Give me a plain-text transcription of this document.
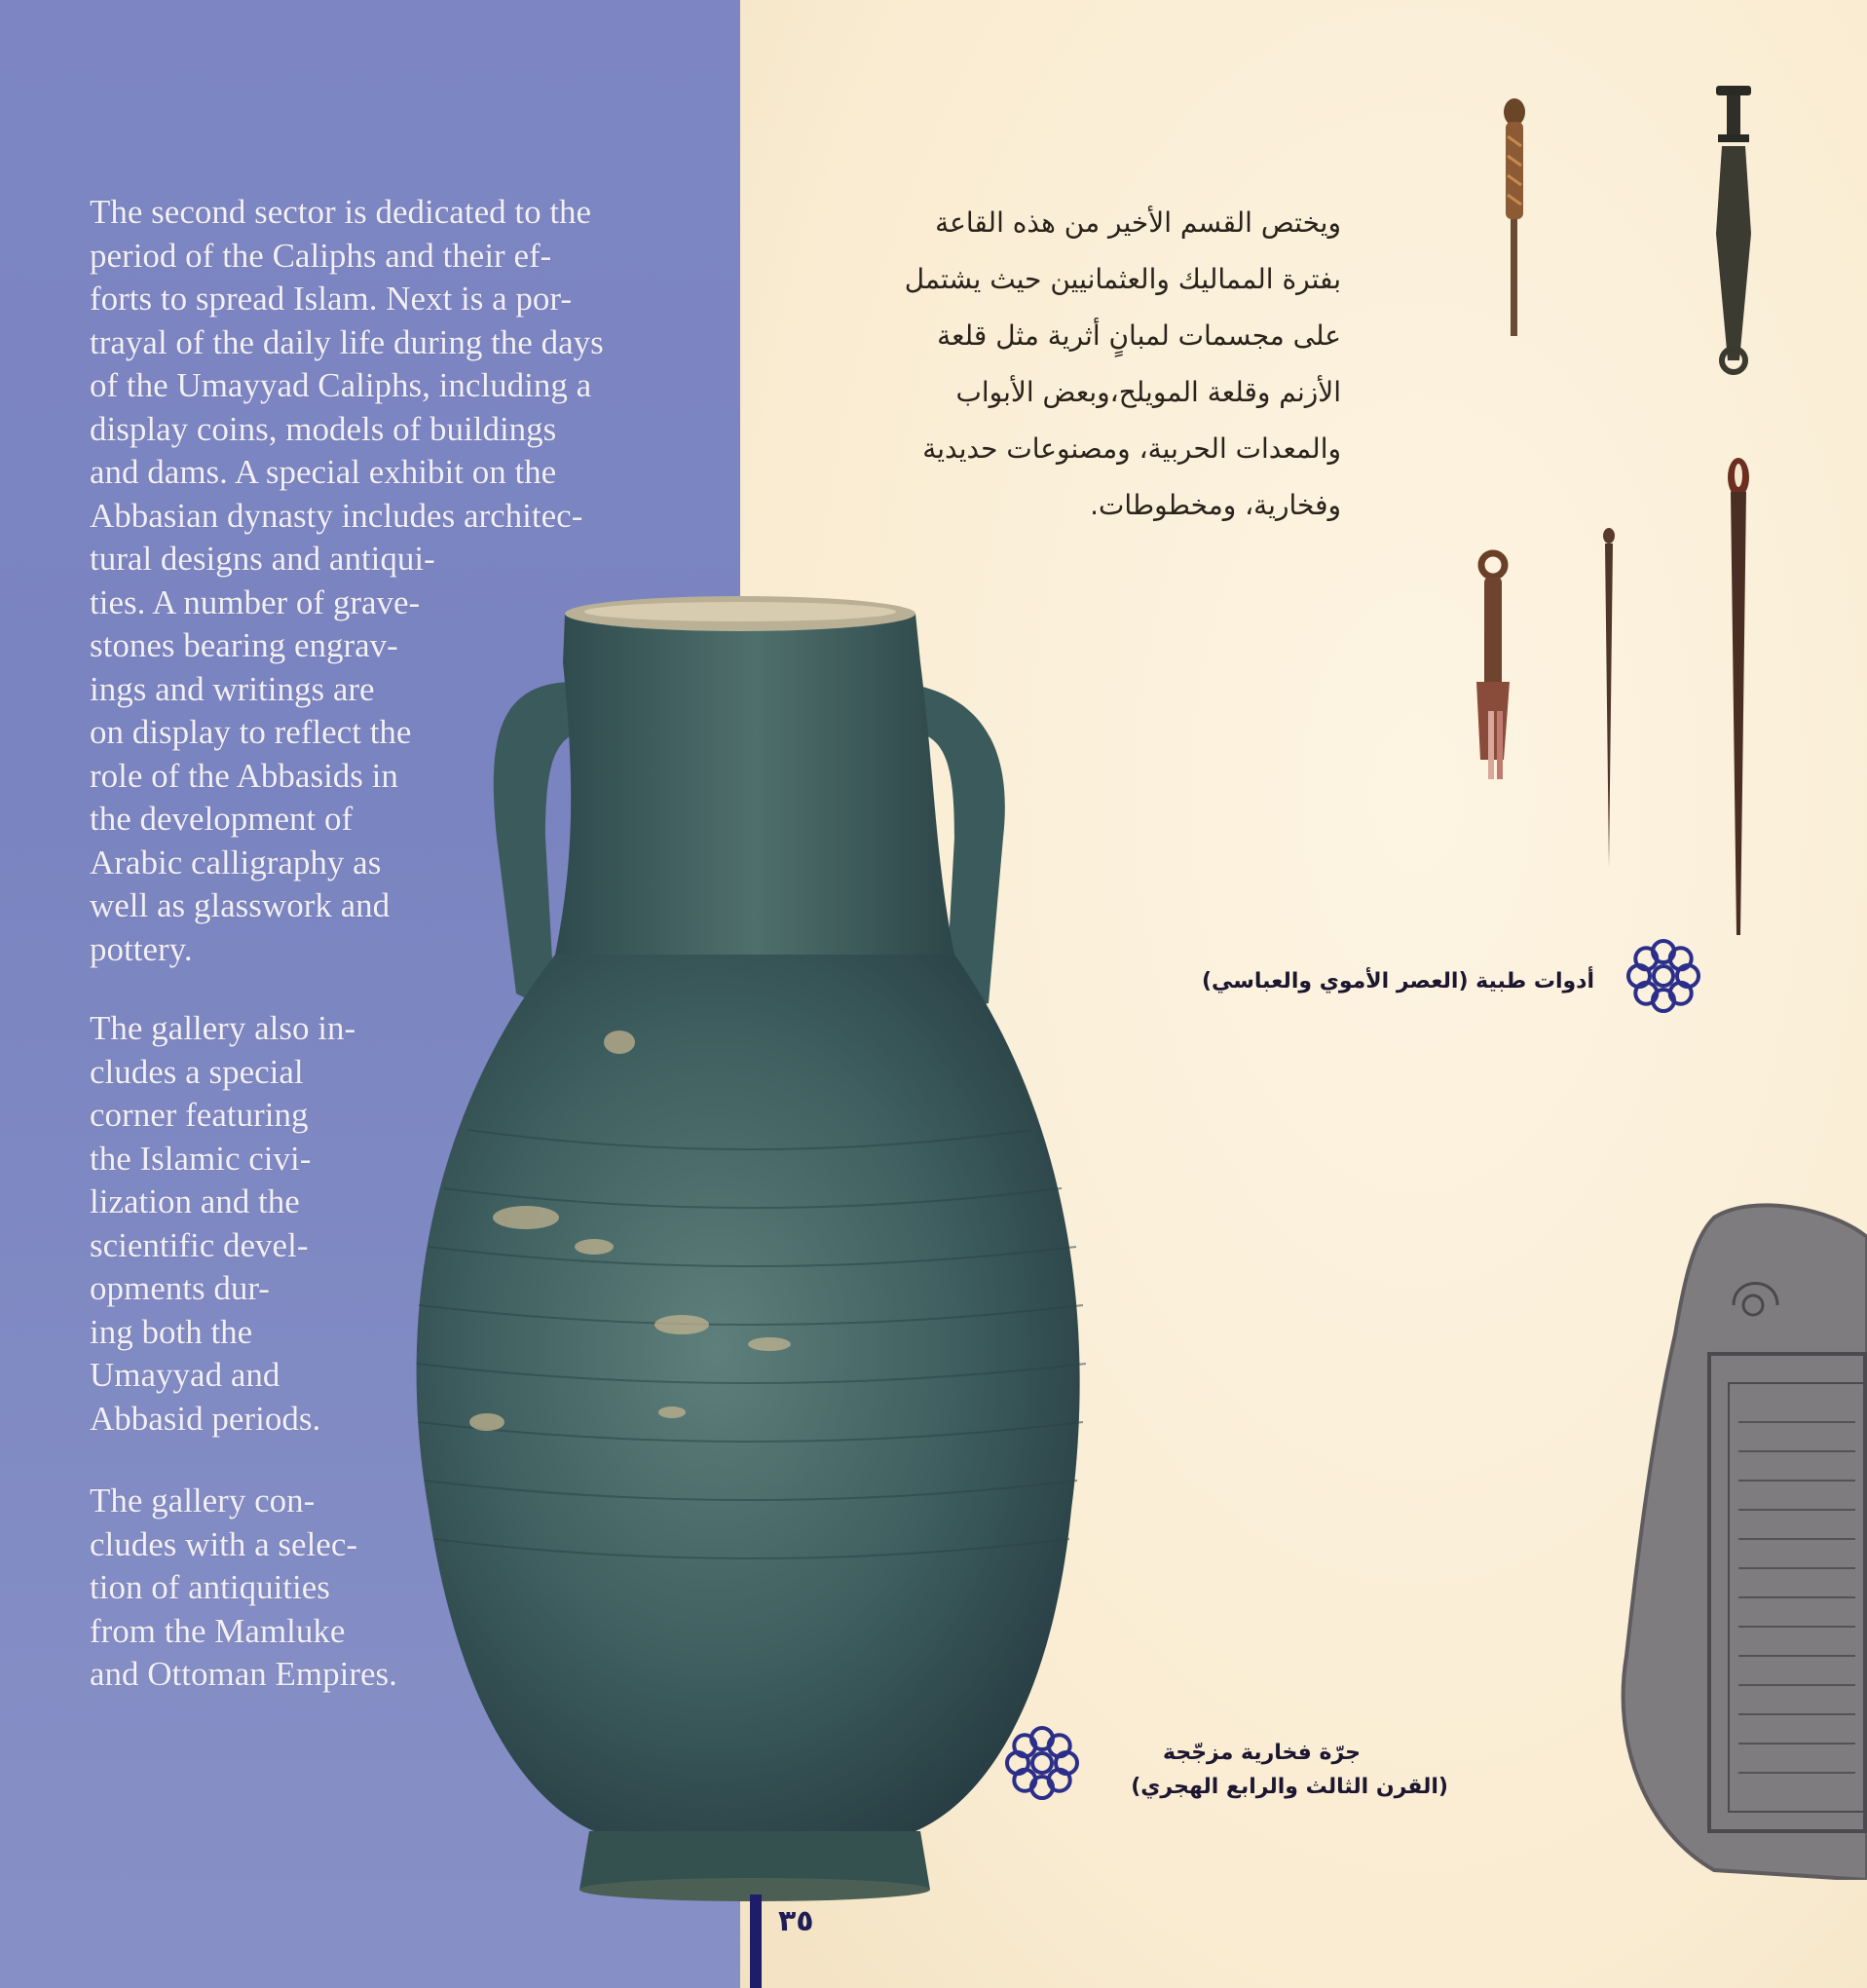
The second sector is dedicated to the
period of the Caliphs and their ef-
forts to spread Islam. Next is a por-
trayal of the daily life during the days
of the Umayyad Caliphs, including a
display coins, models of buildings
and dams. A special exhibit on the
Abbasian dynasty includes architec-
tural designs and antiqui-
ties. A number of grave-
stones bearing engrav-
ings and writings are
on display to reflect the
role of the Abbasids in
the development of
Arabic calligraphy as
well as glasswork and
pottery.
The gallery also in-
cludes a special
corner featuring
the Islamic civi-
lization and the
scientific devel-
opments dur-
ing both the
Umayyad and
Abbasid periods.
The gallery con-
cludes with a selec-
tion of antiquities
from the Mamluke
and Ottoman Empires.
ويختص القسم الأخير من هذه القاعة
بفترة المماليك والعثمانيين حيث يشتمل
على مجسمات لمبانٍ أثرية مثل قلعة
الأزنم وقلعة المويلح،وبعض الأبواب
والمعدات الحربية، ومصنوعات حديدية
وفخارية، ومخطوطات.
أدوات طبية (العصر الأموي والعباسي)
جرّة فخارية مزجّجة
(القرن الثالث والرابع الهجري)
٣٥
